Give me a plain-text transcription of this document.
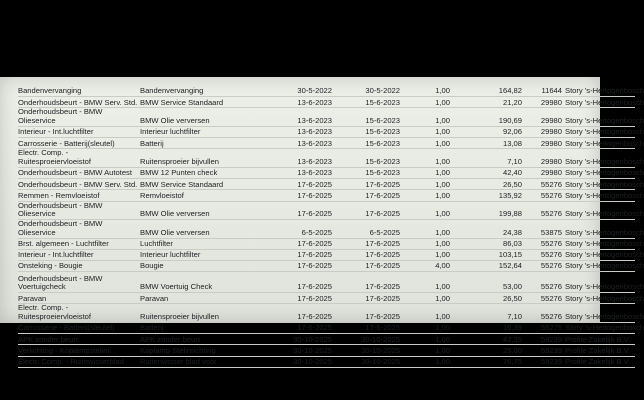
Bandenvervanging	Bandenvervanging	30-5-2022	30-5-2022	1,00	164,82	11644	Story 's-Hertogenbosch
Onderhoudsbeurt - BMW Serv. Std.	BMW Service Standaard	13-6-2023	15-6-2023	1,00	21,20	29980	Story 's-Hertogenbosch
Onderhoudsbeurt - BMW Olieservice	BMW Olie verversen	13-6-2023	15-6-2023	1,00	190,69	29980	Story 's-Hertogenbosch
Interieur - Int.luchtfilter	Interieur luchtfilter	13-6-2023	15-6-2023	1,00	92,06	29980	Story 's-Hertogenbosch
Carrosserie - Batterij(sleutel)	Batterij	13-6-2023	15-6-2023	1,00	13,08	29980	Story 's-Hertogenbosch
Electr. Comp. - Ruitesproeiervloeistof	Ruitensproeier bijvullen	13-6-2023	15-6-2023	1,00	7,10	29980	Story 's-Hertogenbosch
Onderhoudsbeurt - BMW Autotest	BMW 12 Punten check	13-6-2023	15-6-2023	1,00	42,40	29980	Story 's-Hertogenbosch
Onderhoudsbeurt - BMW Serv. Std.	BMW Service Standaard	17-6-2025	17-6-2025	1,00	26,50	55276	Story 's-Hertogenbosch
Remmen - Remvloeistof	Remvloeistof	17-6-2025	17-6-2025	1,00	135,92	55276	Story 's-Hertogenbosch
Onderhoudsbeurt - BMW Olieservice	BMW Olie verversen	17-6-2025	17-6-2025	1,00	199,88	55276	Story 's-Hertogenbosch
Onderhoudsbeurt - BMW Olieservice	BMW Olie verversen	6-5-2025	6-5-2025	1,00	24,38	53875	Story 's-Hertogenbosch
Brst. algemeen - Luchtfilter	Luchtfilter	17-6-2025	17-6-2025	1,00	86,03	55276	Story 's-Hertogenbosch
Interieur - Int.luchtfilter	Interieur luchtfilter	17-6-2025	17-6-2025	1,00	103,15	55276	Story 's-Hertogenbosch
Onsteking - Bougie	Bougie	17-6-2025	17-6-2025	4,00	152,64	55276	Story 's-Hertogenbosch
Onderhoudsbeurt - BMW Voertuigcheck	BMW Voertuig Check	17-6-2025	17-6-2025	1,00	53,00	55276	Story 's-Hertogenbosch
Paravan	Paravan	17-6-2025	17-6-2025	1,00	26,50	55276	Story 's-Hertogenbosch
Electr. Comp. - Ruitesproeiervloeistof	Ruitensproeier bijvullen	17-6-2025	17-6-2025	1,00	7,10	55276	Story 's-Hertogenbosch
Carrosserie - Batterij(sleutel)	Batterij	17-6-2025	17-6-2025	1,00	16,39	55276	Story 's-Hertogenbosch
APK zonder beurt	APK zonder beurt	30-10-2025	30-10-2025	1,00	42,35	59239	Profile Zakelijk B.V.
Verlichting - Koplampstelinr.	Koplamp Stelinrichting	30-10-2025	30-10-2025	1,00	25,00	59239	Profile Zakelijk B.V.
Electr. Comp. - Ruitewisserblad	Ruitenwisser blad voor	30-10-2025	30-10-2025	1,00	76,75	59239	Profile Zakelijk B.V.
